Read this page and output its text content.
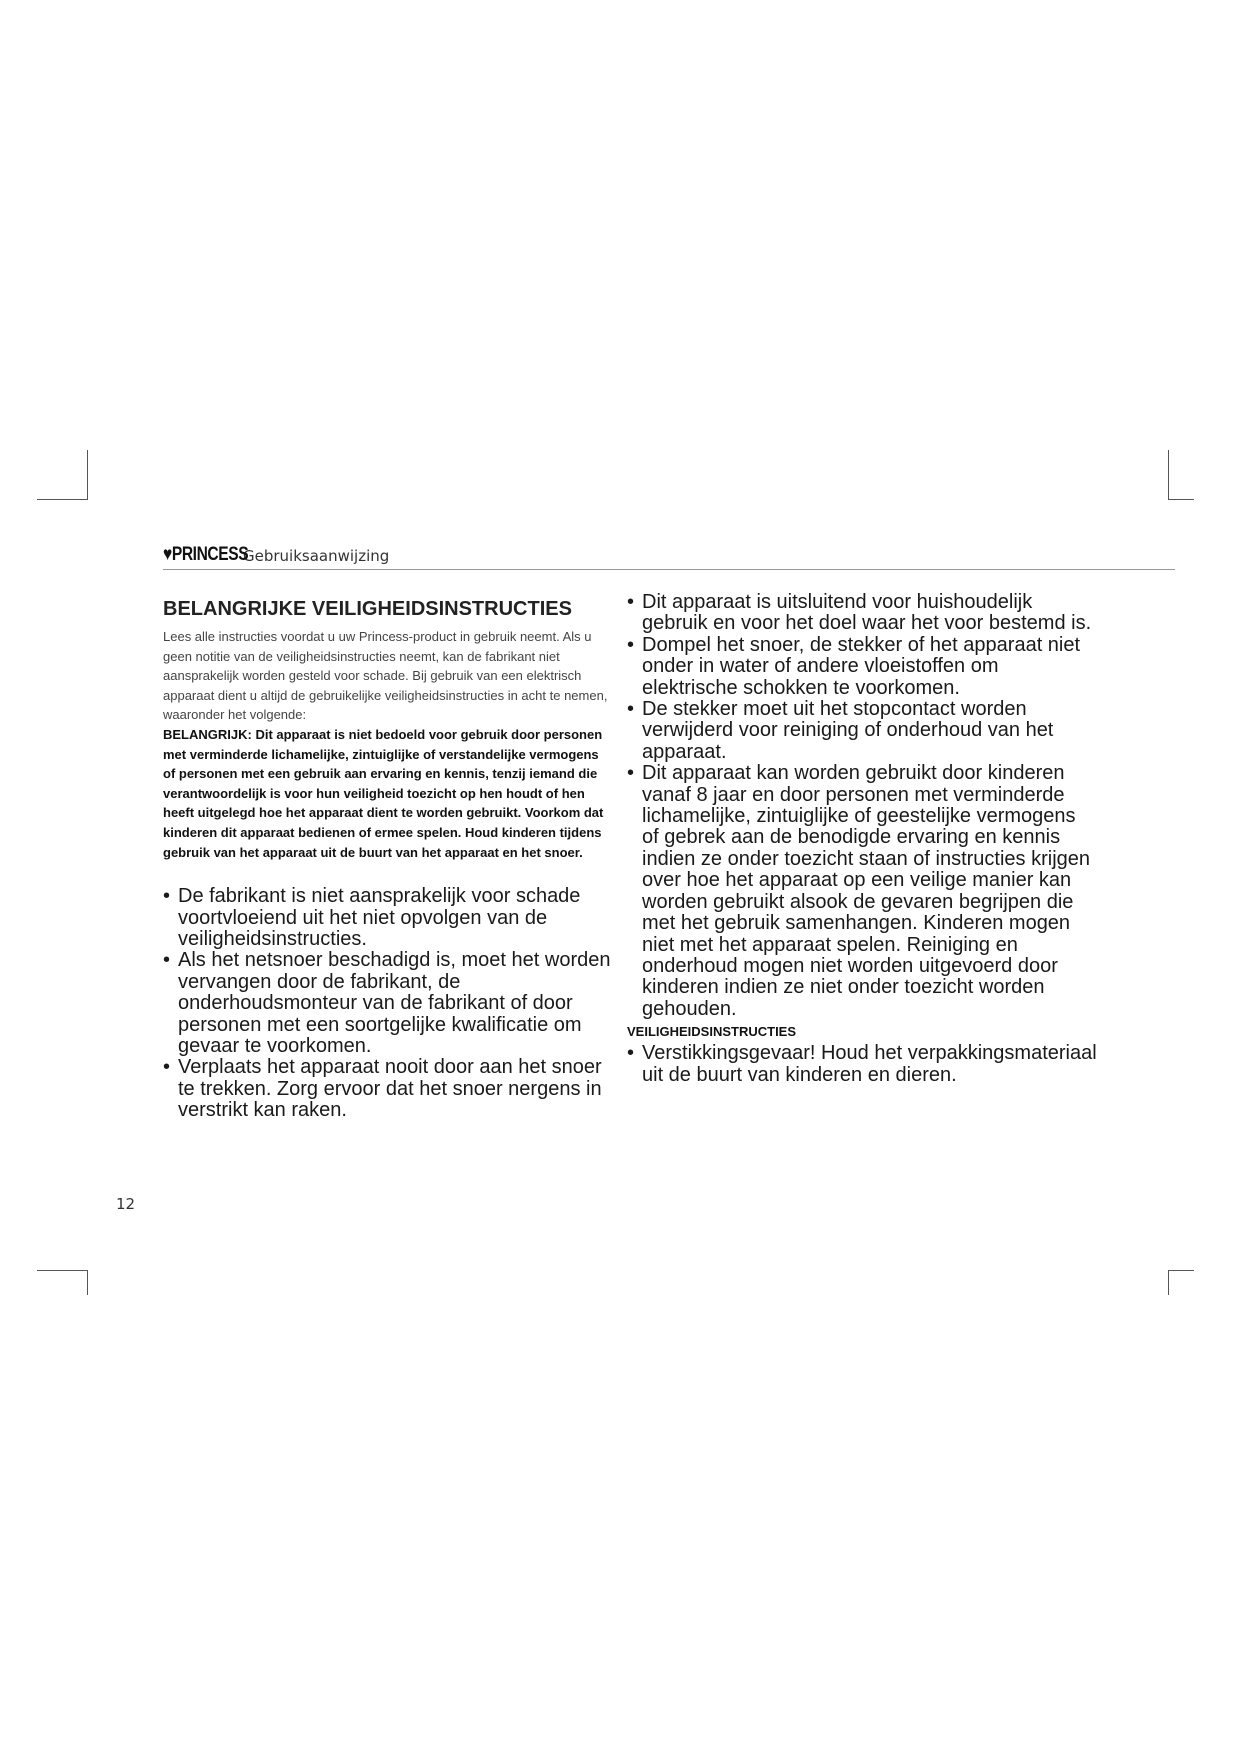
♥PRINCESS
Gebruiksaanwijzing
BELANGRIJKE VEILIGHEIDSINSTRUCTIES

Lees alle instructies voordat u uw Princess-product in gebruik neemt. Als u geen notitie van de veiligheidsinstructies neemt, kan de fabrikant niet aansprakelijk worden gesteld voor schade. Bij gebruik van een elektrisch apparaat dient u altijd de gebruikelijke veiligheidsinstructies in acht te nemen, waaronder het volgende:

BELANGRIJK: Dit apparaat is niet bedoeld voor gebruik door personen met verminderde lichamelijke, zintuiglijke of verstandelijke vermogens of personen met een gebruik aan ervaring en kennis, tenzij iemand die verantwoordelijk is voor hun veiligheid toezicht op hen houdt of hen heeft uitgelegd hoe het apparaat dient te worden gebruikt. Voorkom dat kinderen dit apparaat bedienen of ermee spelen. Houd kinderen tijdens gebruik van het apparaat uit de buurt van het apparaat en het snoer.

• De fabrikant is niet aansprakelijk voor schade voortvloeiend uit het niet opvolgen van de veiligheidsinstructies.
• Als het netsnoer beschadigd is, moet het worden vervangen door de fabrikant, de onderhoudsmonteur van de fabrikant of door personen met een soortgelijke kwalificatie om gevaar te voorkomen.
• Verplaats het apparaat nooit door aan het snoer te trekken. Zorg ervoor dat het snoer nergens in verstrikt kan raken.
• Dit apparaat is uitsluitend voor huishoudelijk gebruik en voor het doel waar het voor bestemd is.
• Dompel het snoer, de stekker of het apparaat niet onder in water of andere vloeistoffen om elektrische schokken te voorkomen.
• De stekker moet uit het stopcontact worden verwijderd voor reiniging of onderhoud van het apparaat.
• Dit apparaat kan worden gebruikt door kinderen vanaf 8 jaar en door personen met verminderde lichamelijke, zintuiglijke of geestelijke vermogens of gebrek aan de benodigde ervaring en kennis indien ze onder toezicht staan of instructies krijgen over hoe het apparaat op een veilige manier kan worden gebruikt alsook de gevaren begrijpen die met het gebruik samenhangen. Kinderen mogen niet met het apparaat spelen. Reiniging en onderhoud mogen niet worden uitgevoerd door kinderen indien ze niet onder toezicht worden gehouden.
VEILIGHEIDSINSTRUCTIES
• Verstikkingsgevaar! Houd het verpakkingsmateriaal uit de buurt van kinderen en dieren.
12
